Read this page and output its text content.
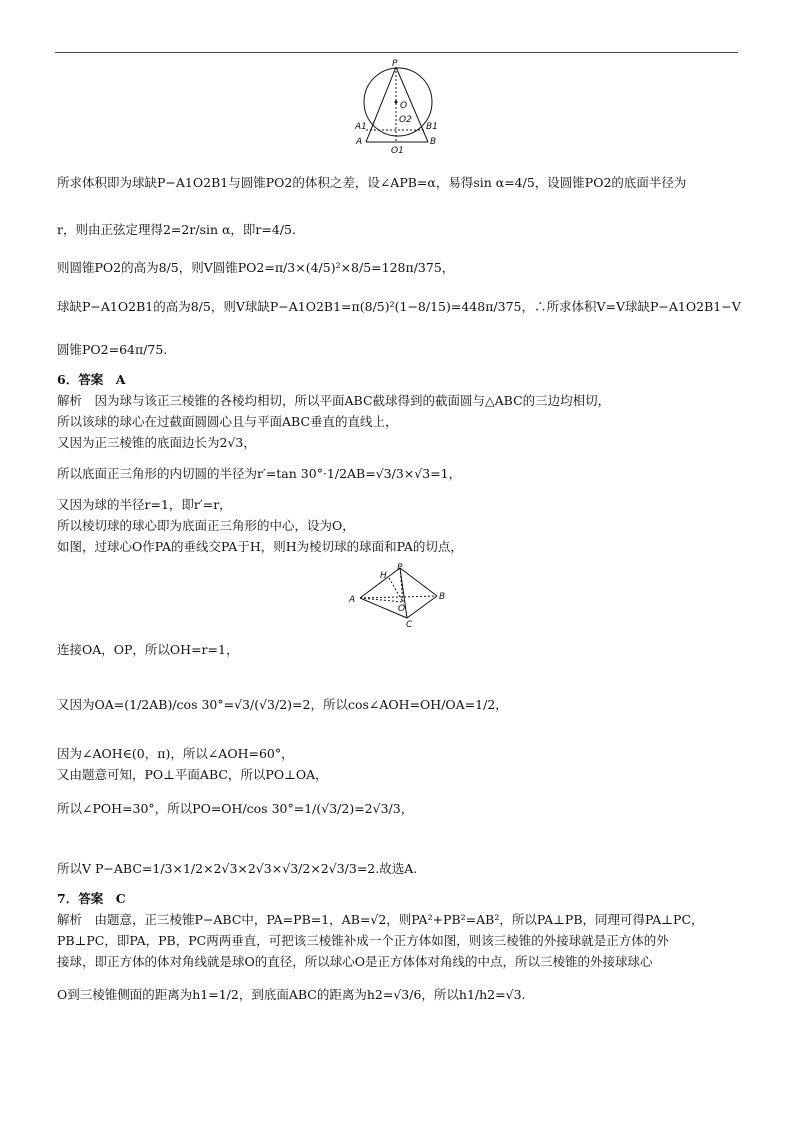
P
O
O2
A1	B1
A	B
O1
所求体积即为球缺P−A1O2B1与圆锥PO2的体积之差，设∠APB=α，易得sin α=4/5，设圆锥PO2的底面半径为
r，则由正弦定理得2=2r/sin α，即r=4/5.
则圆锥PO2的高为8/5，则V圆锥PO2=π/3×(4/5)²×8/5=128π/375，
球缺P−A1O2B1的高为8/5，则V球缺P−A1O2B1=π(8/5)²(1−8/15)=448π/375，∴所求体积V=V球缺P−A1O2B1−V
圆锥PO2=64π/75.
6．答案　A
解析　因为球与该正三棱锥的各棱均相切，所以平面ABC截球得到的截面圆与△ABC的三边均相切，
所以该球的球心在过截面圆圆心且与平面ABC垂直的直线上，
又因为正三棱锥的底面边长为2√3，
所以底面正三角形的内切圆的半径为r′=tan 30°·1/2AB=√3/3×√3=1，
又因为球的半径r=1，即r′=r，
所以棱切球的球心即为底面正三角形的中心，设为O，
如图，过球心O作PA的垂线交PA于H，则H为棱切球的球面和PA的切点，
H
P
A	B
O
C
连接OA，OP，所以OH=r=1，
又因为OA=(1/2AB)/cos 30°=√3/(√3/2)=2，所以cos∠AOH=OH/OA=1/2，
因为∠AOH∈(0，π)，所以∠AOH=60°，
又由题意可知，PO⊥平面ABC，所以PO⊥OA，
所以∠POH=30°，所以PO=OH/cos 30°=1/(√3/2)=2√3/3，
所以V P−ABC=1/3×1/2×2√3×2√3×√3/2×2√3/3=2.故选A.
7．答案　C
解析　由题意，正三棱锥P−ABC中，PA=PB=1，AB=√2，则PA²+PB²=AB²，所以PA⊥PB，同理可得PA⊥PC，
PB⊥PC，即PA，PB，PC两两垂直，可把该三棱锥补成一个正方体如图，则该三棱锥的外接球就是正方体的外
接球，即正方体的体对角线就是球O的直径，所以球心O是正方体体对角线的中点，所以三棱锥的外接球球心
O到三棱锥侧面的距离为h1=1/2，到底面ABC的距离为h2=√3/6，所以h1/h2=√3.
